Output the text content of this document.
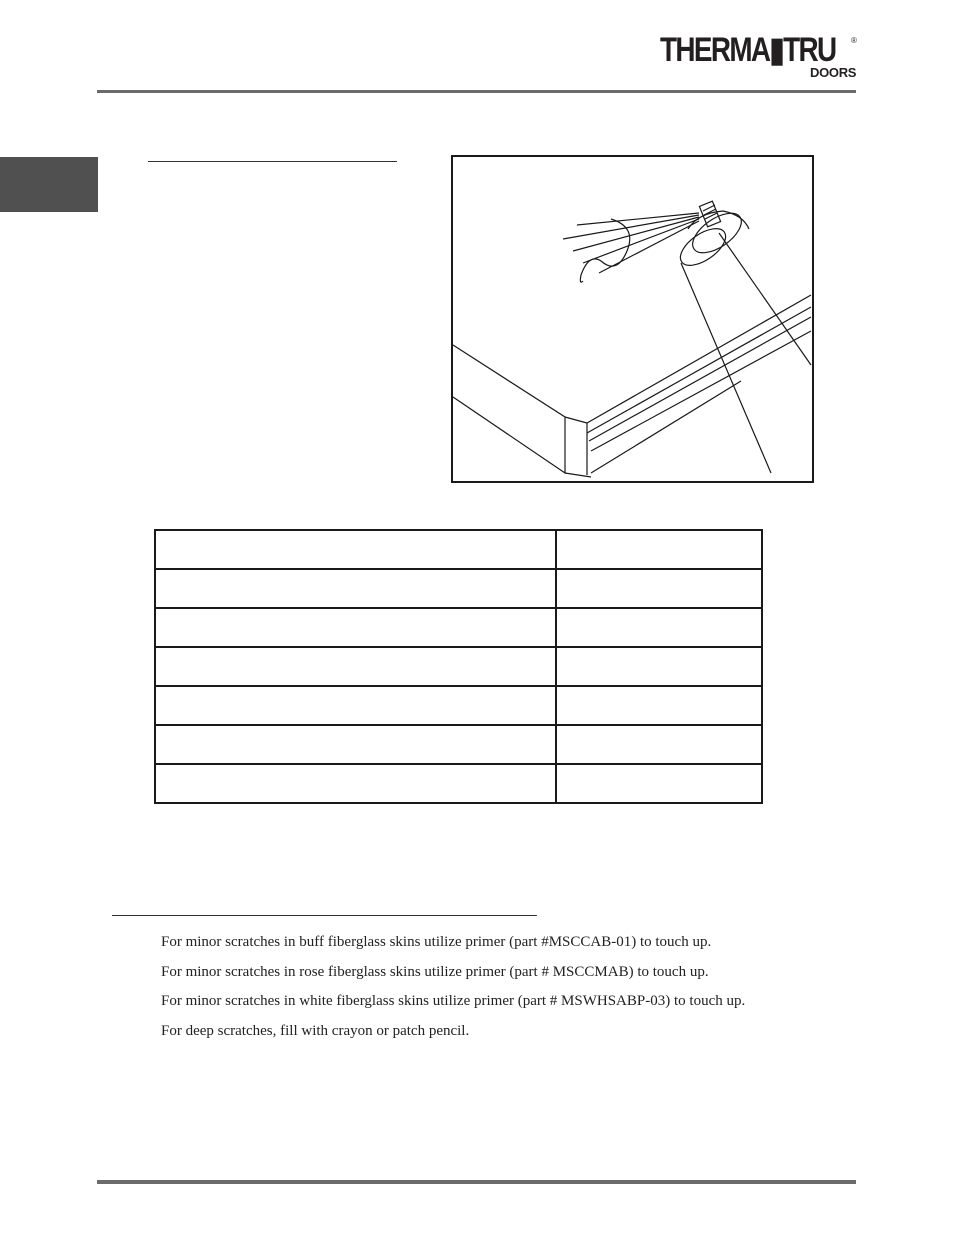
THERMA▮TRU ®
DOORS

For minor scratches in buff fiberglass skins utilize primer (part #MSCCAB-01) to touch up.
For minor scratches in rose fiberglass skins utilize primer (part # MSCCMAB) to touch up.
For minor scratches in white fiberglass skins utilize primer (part # MSWHSABP-03) to touch up.
For deep scratches, fill with crayon or patch pencil.
